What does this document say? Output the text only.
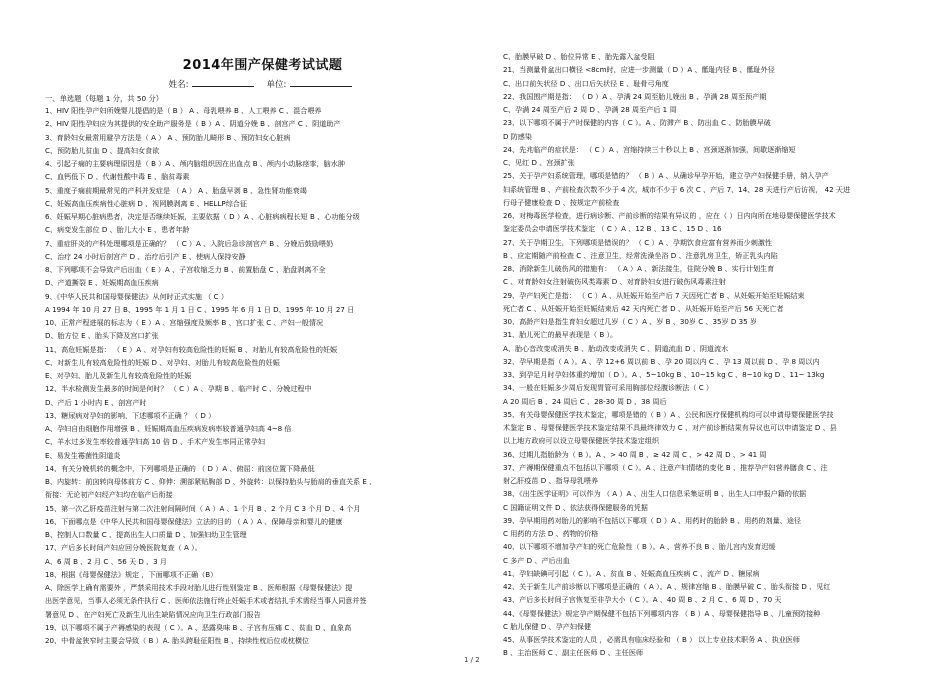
2014年围产保健考试试题
姓名:	单位:
一、单选题（每题 1 分，共 50 分）
1、HIV 阳性孕产妇所娩婴儿提倡的是（ B ） A 、母乳喂养 B 、人工喂养 C 、混合喂养
2、HIV 阳性孕妇应为其提供的安全助产服务是（ B ）A 、阴道分娩 B 、剖宫产 C 、阴道助产
3、育龄妇女最常用避孕方法是（ A ） A 、预防胎儿畸形 B 、预防妇女心脏病
C、预防胎儿贫血 D 、提高妇女食欲
4、引起子痫的主要病理原因是（ B ）A 、颅内脑组织因在出血点 B 、颅内小动脉痉挛，脑水肿
C、血钙低下 D 、代谢性酸中毒 E 、脑贫毒素
5、重度子痫前期最常见的产科并发症是 （ A ） A 、胎盘早剥 B 、急性肾功能衰竭
C、妊娠高血压疾病性心脏病 D 、视网膜剥离 E 、HELLP综合征
6、妊娠早期心脏病患者，决定是否继续妊娠，主要依据（ D ）A 、心脏病病程长短 B 、心功能分级
C、病变发生部位 D 、胎儿大小 E 、患者年龄
7、重症肝炎的产科处理哪项是正确的？ （ C ）A 、入院后急诊剖宫产 B 、分娩后鼓励喂奶
C、治疗 24 小时后剖宫产 D 、治疗后引产 E 、使病人保持安静
8、下列哪项不会导致产后出血（ E ）A 、子宫收缩乏力 B 、前置胎盘 C 、胎盘剥离不全
D、产道撕裂 E 、妊娠期高血压疾病
9、《中华人民共和国母婴保健法》从何时正式实施 （ C ）
A 1994 年 10 月 27 日 B、1995 年 1 月 1 日 C 、1995 年 6 月 1 日 D、1995 年 10 月 27 日
10、正常产程进展的标志为（ E ）A 、宫缩强度及频率 B 、宫口扩张 C 、产妇一般情况
D、胎方位 E 、胎头下降及宫口扩张
11、高危妊娠是指： （ E ）A 、对孕妇有较高危险性的妊娠 B 、对胎儿有较高危险性的妊娠
C、对新生儿有较高危险性的妊娠 D 、对孕妇、对胎儿有较高危险性的妊娠
E、对孕妇、胎儿及新生儿有较高危险性的妊娠
12、半水检测发生最多的时间是何时？ （ C ）A 、孕期 B 、临产时 C 、分娩过程中
D、产后 1 小时内 E 、剖宫产时
13、糖尿病对孕妇的影响，下述哪项不正确 ？（ D ）
A、孕妇自由细胞作用增强 B 、妊娠期高血压疾病发病率较普通孕妇高 4~8 倍
C、羊水过多发生率较普通孕妇高 10 倍 D 、手术产发生率同正常孕妇
E、易发生霉菌性阴道炎
14、有关分娩机转的概念中，下列哪项是正确的 （ D ）A 、俯屈：前囟位置下降最低
B、内旋转：前囟转向母体前方 C 、仰伸：溯部紧贴胸部 D 、外旋转：以保持胎头与胎肩的垂直关系 E 、
衔接：无论初产妇经产妇均在临产后衔接
15、第一次乙肝疫苗注射与第二次注射间隔时间（ A ）A 、1 个月 B 、2 个月 C 3 个月 D 、4 个月
16、下面哪点是《中华人民共和国母婴保健法》立法的目的 （ A ）A 、保障母亲和婴儿的健康
B、控制人口数量 C 、提高出生人口质量 D 、加强妇幼卫生管理
17、产后多长时间产妇应回分娩医院复查（ A ）。
A、6 周 B 、2 月 C 、56 天 D 、3 月
18、根据《母婴保健法》规定 ，下面哪项不正确（B）
A、除医学上确有需要外 ，严禁采用技术手段对胎儿进行性别鉴定 B 、医师根据《母婴保健法》提
出医学意见，当事人必须无条件执行 C 、医师依法施行终止妊娠手术或者结扎手术需经当事人同意并签
署意见 D 、在产妇死亡及新生儿出生缺陷情况应向卫生行政部门报告
19、以下哪项不属于产褥感染的表现（ C ）。A 、恶露臭味 B 、子宫有压痛 C 、贫血 D 、血象高
20、中骨盆狭窄时主要会导致（ B ）A. 胎头跨耻征阳性 B 、持续性枕后位或枕横位
C、胎膜早破 D 、胎位异常 E 、胎先露入盆受阻
21、当测量骨盆出口横径 <8cm时，应进一步测量（ D ）A 、骶耻内径 B 、骶耻外径
C、出口前矢状径 D 、出口后矢状径 E 、耻骨弓角度
22、我国围产期是指： （ D ）A 、孕满 24 周至胎儿娩出 B 、孕满 28 周至预产期
C、孕满 24 周至产后 2 周 D 、孕满 28 周至产后 1 周
23、以下哪项不属于产时保健的内容（ C ）。A 、防滞产 B 、防出血 C 、防胎膜早破
D 防感染
24、先兆临产的症状是： （ C ）A 、宫缩持续三十秒以上 B 、宫颈逐渐加强，间歇逐渐缩短
C、见红 D 、宫颈扩张
25、关于孕产妇系统管理，哪项是错的？ （ B ）A 、从确诊早孕开始，建立孕产妇保健手册，纳入孕产
妇系统管理 B 、产前检查次数不少于 4 次，城市不少于 6 次 C 、产后 7、14、28 天进行产后访视， 42 天进
行母子健康检查 D 、按规定产前检查
26、对梅毒医学检查，进行病诊断、产前诊断的结果有异议的 ，应在（ ）日内向所在地母婴保健医学技术
鉴定委员会申请医学技术鉴定 （ C ）A 、12 B 、13 C 、15 D 、16
27、关于孕期卫生，下列哪项是错误的？ （ C ）A 、孕期饮食应富有营养而少刺激性
B 、应定期随产前检查 C 、注意卫生，经常洗澡坐浴 D 、注意乳房卫生，矫正乳头内陷
28、消除新生儿破伤风的措施有： （ A ）A 、新法接生，住院分娩 B 、实行计划生育
C 、对育龄妇女注射破伤风类毒素 D 、对育龄妇女进行破伤风毒素注射
29、孕产妇死亡是指： （ C ）A 、从妊娠开始至产后 7 天因死亡者 B 、从妊娠开始至妊娠结束
死亡者 C 、从妊娠开始至妊娠结束后 42 天内死亡者 D 、从妊娠开始至产后 56 天死亡者
30、高龄产妇是指生育妇女超过几岁（ C ）A 、岁 B 、30岁 C 、35岁 D 35 岁
31、胎儿死亡的最早表现是（ B ）。
A、胎心音改变或消失 B 、胎动改变或消失 C 、阴道流血 D 、阴道流水
32、孕早期是指（ A ）。A 、孕 12+6 周以前 B 、孕 20 周以内 C 、孕 13 周以前 D 、孕 8 周以内
33、到孕足月时孕妇体重约增加（ D ）。A 、5~10kg B 、10~15 kg C 、8~10 kg D 、11~ 13kg
34、一般在妊娠多少周后发现胃管可采用胸部位经腹诊断法（ C ）
A 20 周后 B 、24 周后 C 、28-30 周 D 、38 周后
35、有关母婴保健医学技术鉴定，哪项是错的（ B ）A 、公民和医疗保健机构均可以申请母婴保健医学技
术鉴定 B 、母婴保健医学技术鉴定结果不具最终律效力 C 、对产前诊断结果有异议也可以申请鉴定 D 、县
以上地方政府可以设立母婴保健医学技术鉴定组织
36、过期儿指胎龄为（ B ）。A 、> 40 周 B 、≥ 42 周 C 、> 42 周 D 、> 41 周
37、产褥期保健重点不包括以下哪项（ C ）。A 、注意产妇情绪的变化 B 、推荐孕产妇营养膳食 C 、注
射乙肝疫苗 D 、指导母乳喂养
38、《出生医学证明》可以作为 （ A ）A 、出生人口信息采集证明 B 、出生人口申报户籍的依据
C 国籍证明文件 D 、依法获得保健服务的凭据
39、孕早期用药对胎儿的影响不包括以下哪项（ D ）A 、用药时的胎龄 B 、用药的剂量、途径
C 用药的方法 D 、药物的价格
40、以下哪项不增加孕产妇的死亡危险性（ B ）。A 、营养不良 B 、胎儿宫内发育迟缓
C 多产 D 、产后出血
41、孕妇缺碘可引起（ C ）。A 、贫血 B 、妊娠高血压疾病 C 、流产 D 、糖尿病
42、关于新生儿产前诊断以下哪项是正确的（ A ）。A 、规律宫缩 B 、胎膜早破 C 、胎头衔接 D 、见红
43、产后多长时间子宫恢复至非孕大小（ C ）。A 、40 周 B 、2 月 C 、6 周 D 、70 天
44、《母婴保健法》规定孕产期保健不包括下列哪项内容 （ B ）A 、母婴保健指导 B 、儿童预防接种
C 胎儿保健 D 、孕产妇保健
45、从事医学技术鉴定的人员 ，必需具有临床经验和 （ B ） 以上专业技术职务 A 、执业医师
B 、主治医师 C 、副主任医师 D 、主任医师
1 / 2
